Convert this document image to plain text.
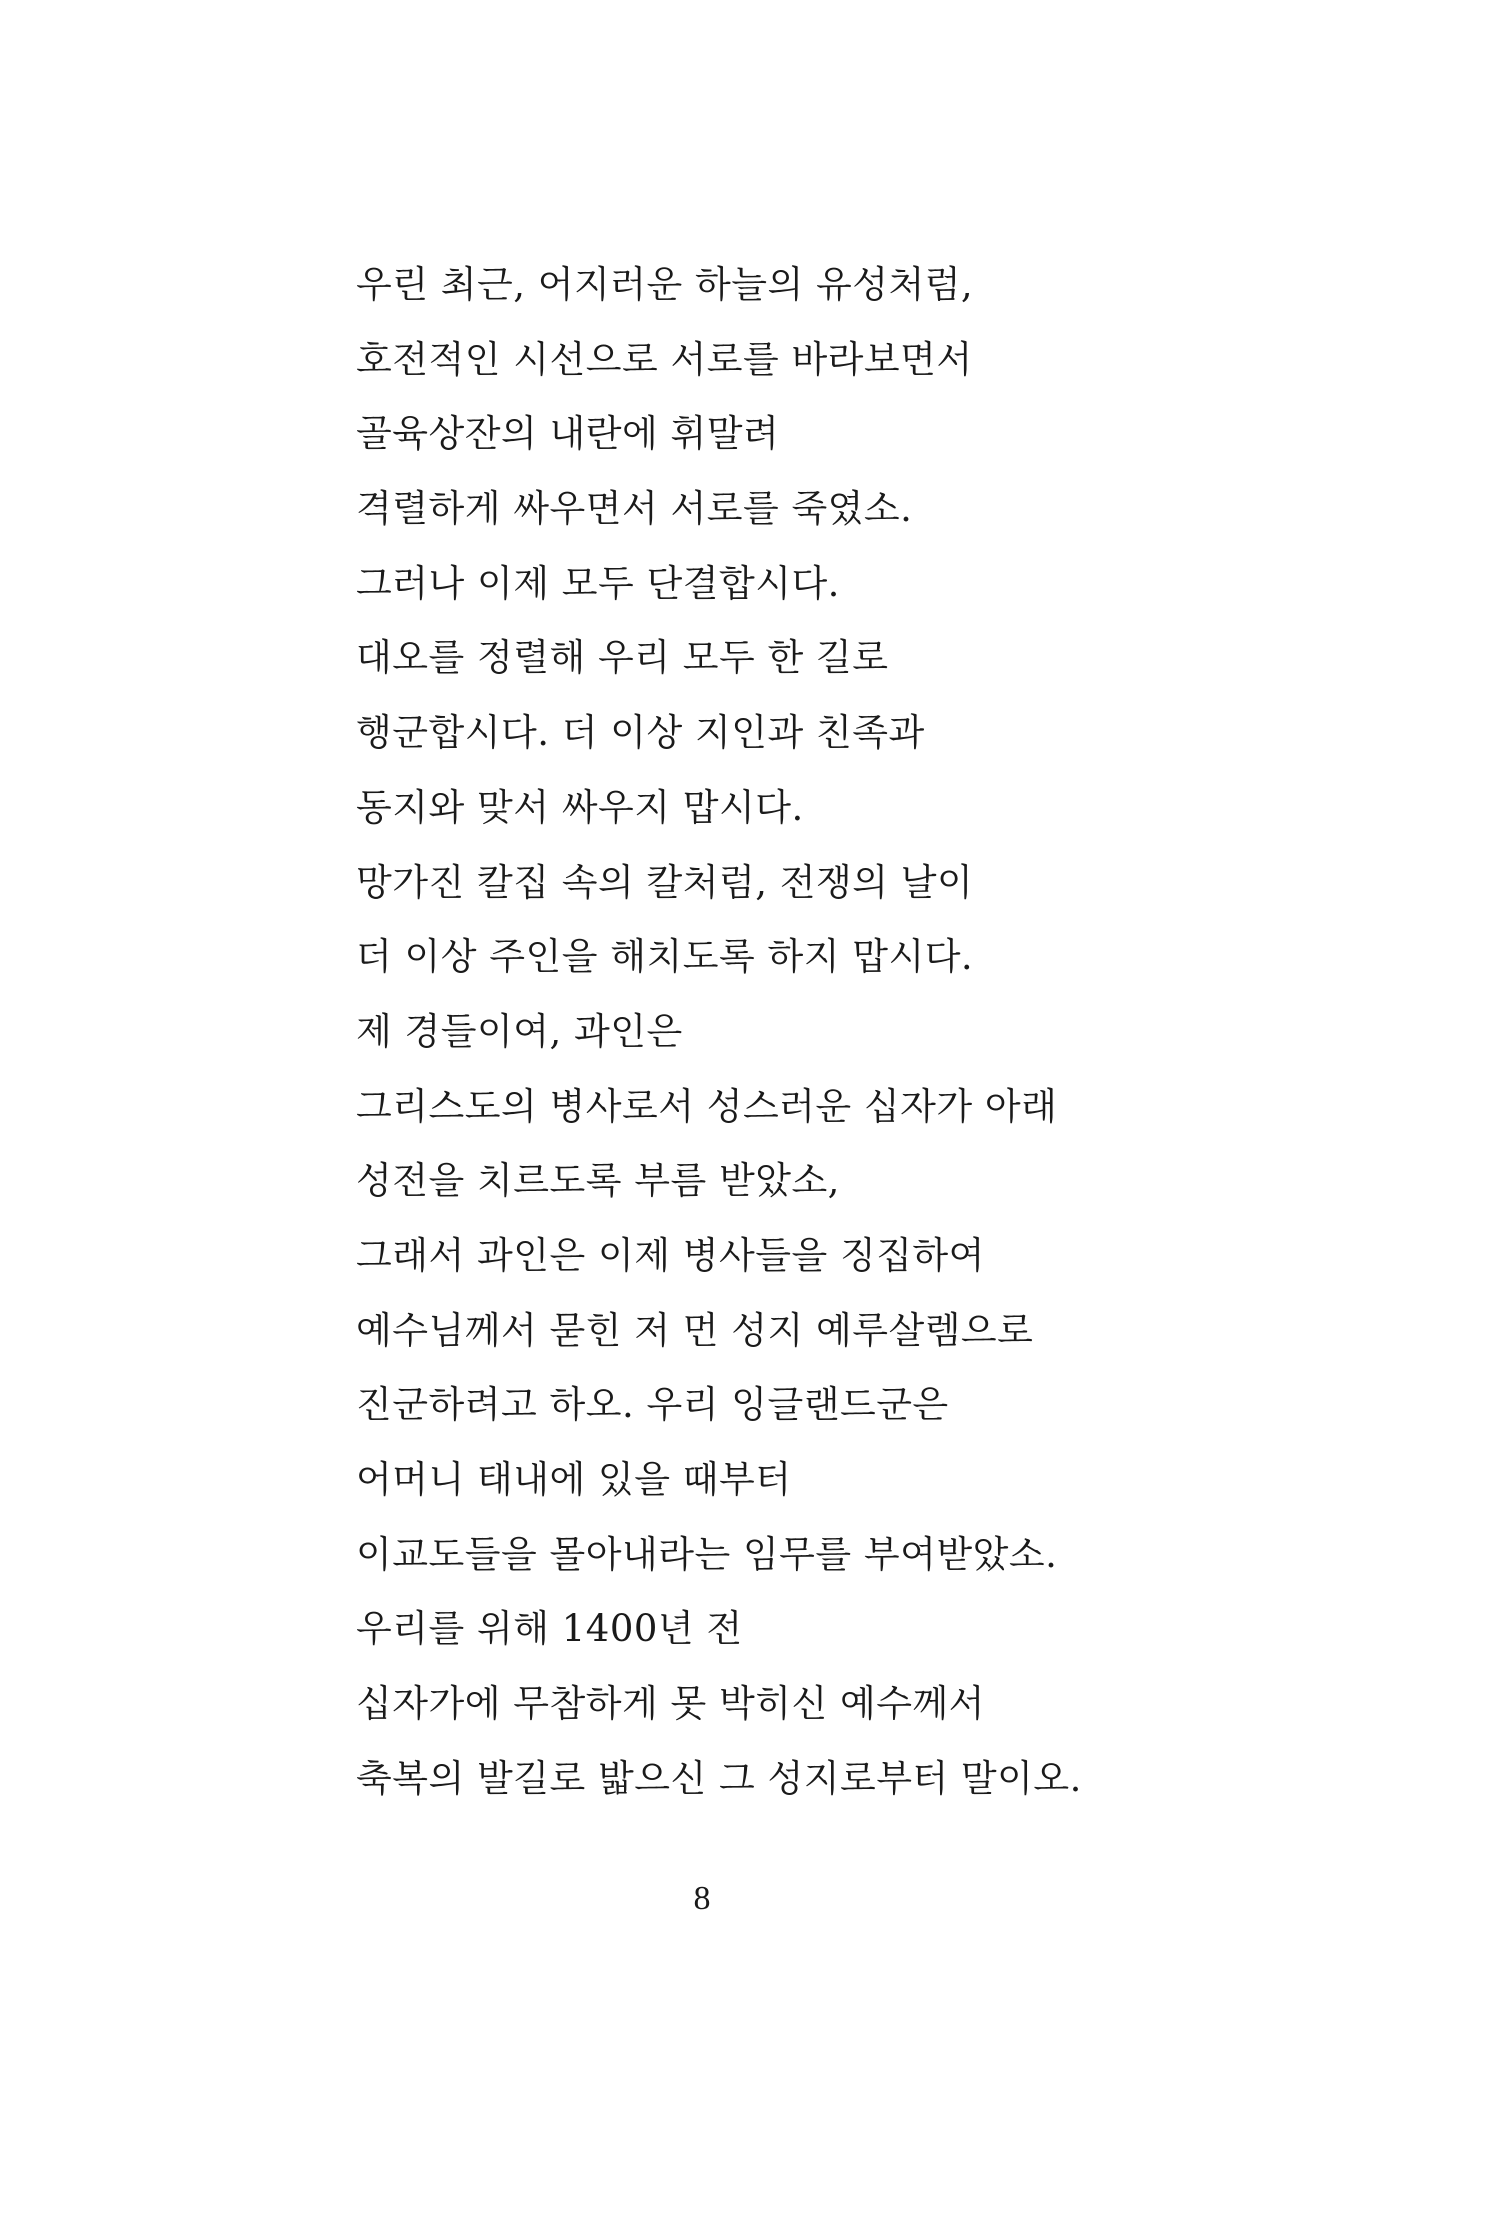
우린 최근, 어지러운 하늘의 유성처럼,
호전적인 시선으로 서로를 바라보면서
골육상잔의 내란에 휘말려
격렬하게 싸우면서 서로를 죽였소.
그러나 이제 모두 단결합시다.
대오를 정렬해 우리 모두 한 길로
행군합시다. 더 이상 지인과 친족과
동지와 맞서 싸우지 맙시다.
망가진 칼집 속의 칼처럼, 전쟁의 날이
더 이상 주인을 해치도록 하지 맙시다.
제 경들이여, 과인은
그리스도의 병사로서 성스러운 십자가 아래
성전을 치르도록 부름 받았소,
그래서 과인은 이제 병사들을 징집하여
예수님께서 묻힌 저 먼 성지 예루살렘으로
진군하려고 하오. 우리 잉글랜드군은
어머니 태내에 있을 때부터
이교도들을 몰아내라는 임무를 부여받았소.
우리를 위해 1400년 전
십자가에 무참하게 못 박히신 예수께서
축복의 발길로 밟으신 그 성지로부터 말이오.
8
